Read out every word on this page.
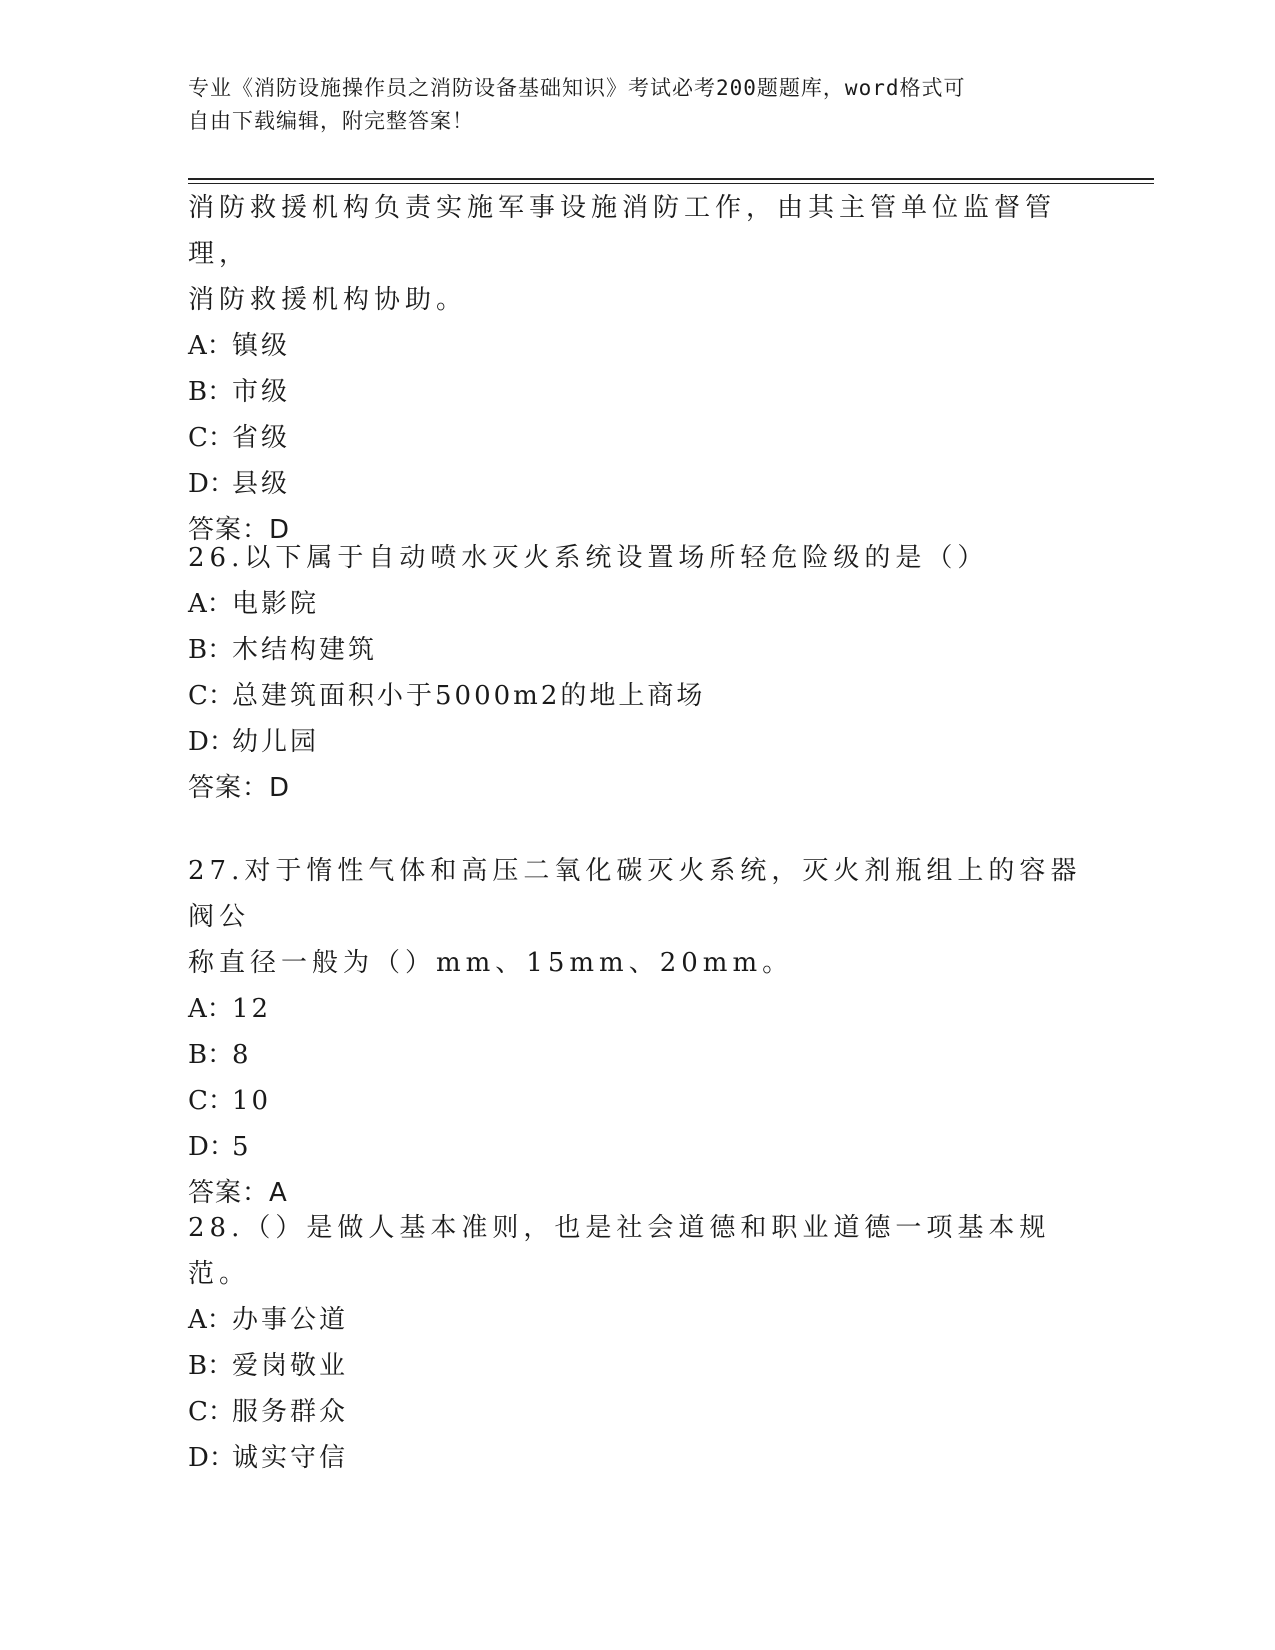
专业《消防设施操作员之消防设备基础知识》考试必考200题题库，word格式可
自由下载编辑，附完整答案！

消防救援机构负责实施军事设施消防工作，由其主管单位监督管理，

消防救援机构协助。

A：镇级

B：市级

C：省级

D：县级

答案：D

26.以下属于自动喷水灭火系统设置场所轻危险级的是（）

A：电影院

B：木结构建筑

C：总建筑面积小于5000m2的地上商场

D：幼儿园

答案：D

27.对于惰性气体和高压二氧化碳灭火系统，灭火剂瓶组上的容器阀公

称直径一般为（）mm、15mm、20mm。

A：12

B：8

C：10

D：5

答案：A

28.（）是做人基本准则，也是社会道德和职业道德一项基本规范。

A：办事公道

B：爱岗敬业

C：服务群众

D：诚实守信
